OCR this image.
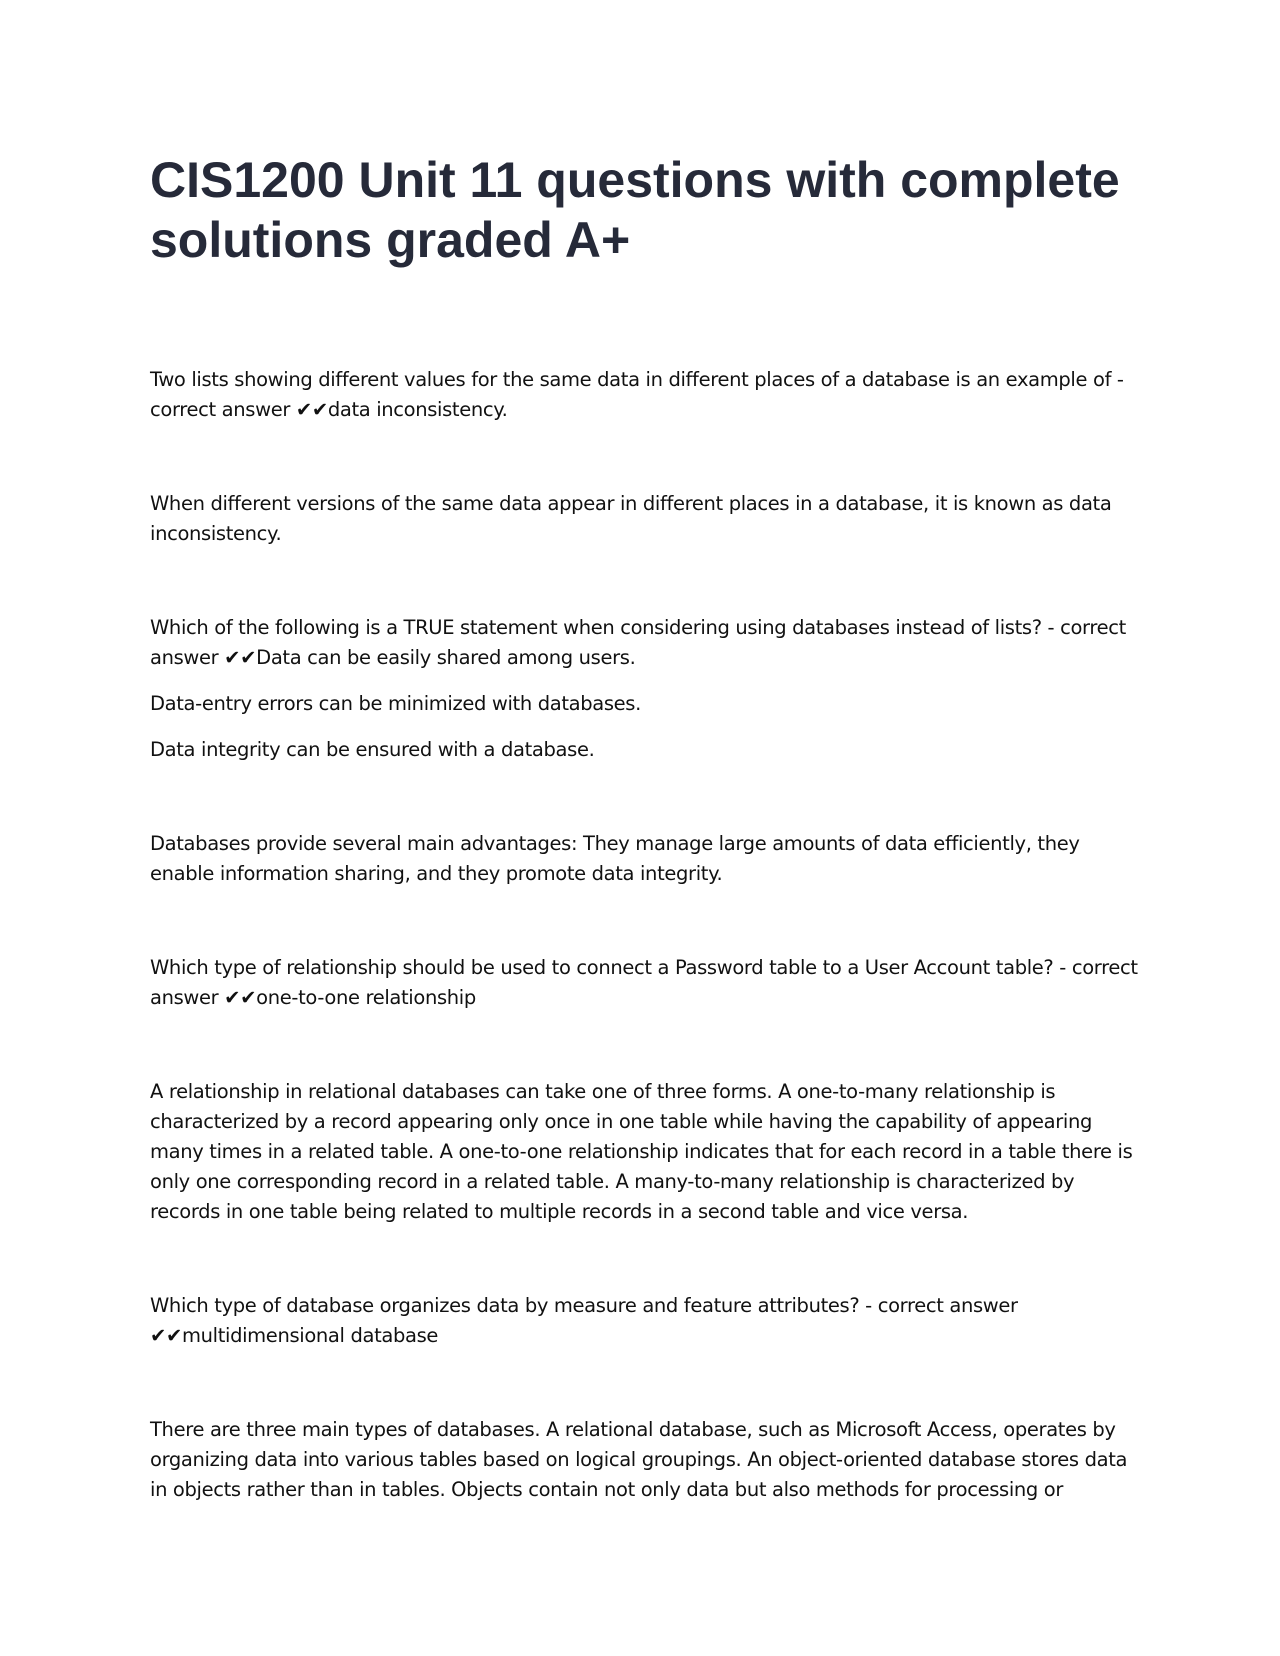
CIS1200 Unit 11 questions with complete solutions graded A+

Two lists showing different values for the same data in different places of a database is an example of - correct answer ✔✔data inconsistency.

When different versions of the same data appear in different places in a database, it is known as data inconsistency.

Which of the following is a TRUE statement when considering using databases instead of lists? - correct answer ✔✔Data can be easily shared among users.

Data-entry errors can be minimized with databases.

Data integrity can be ensured with a database.

Databases provide several main advantages: They manage large amounts of data efficiently, they enable information sharing, and they promote data integrity.

Which type of relationship should be used to connect a Password table to a User Account table? - correct answer ✔✔one-to-one relationship

A relationship in relational databases can take one of three forms. A one-to-many relationship is characterized by a record appearing only once in one table while having the capability of appearing many times in a related table. A one-to-one relationship indicates that for each record in a table there is only one corresponding record in a related table. A many-to-many relationship is characterized by records in one table being related to multiple records in a second table and vice versa.

Which type of database organizes data by measure and feature attributes? - correct answer ✔✔multidimensional database

There are three main types of databases. A relational database, such as Microsoft Access, operates by organizing data into various tables based on logical groupings. An object-oriented database stores data in objects rather than in tables. Objects contain not only data but also methods for processing or
